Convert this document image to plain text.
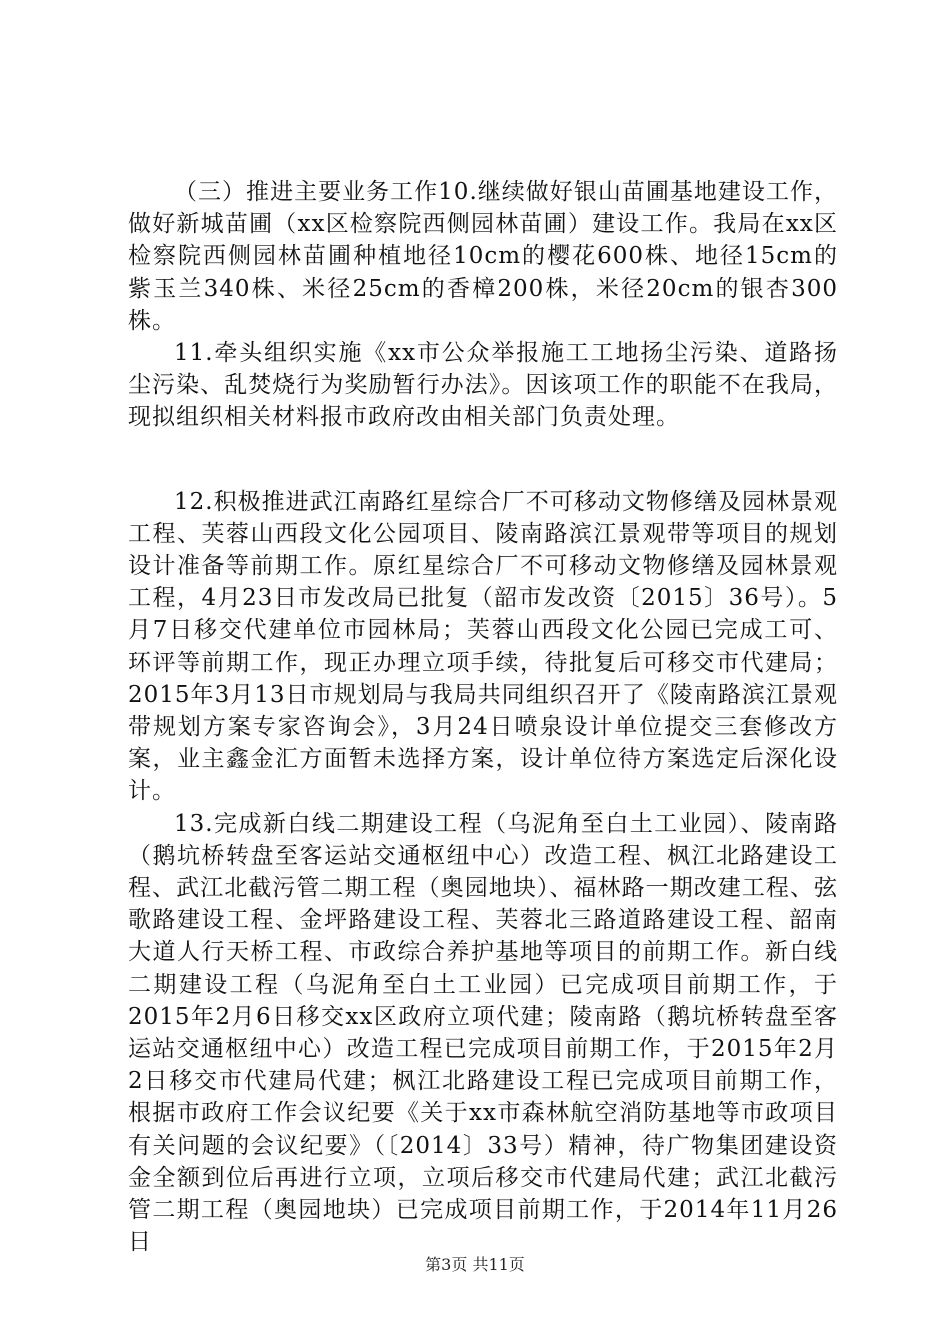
（三）推进主要业务工作10.继续做好银山苗圃基地建设工作，做好新城苗圃（xx区检察院西侧园林苗圃）建设工作。我局在xx区检察院西侧园林苗圃种植地径10cm的樱花600株、地径15cm的紫玉兰340株、米径25cm的香樟200株，米径20cm的银杏300株。

11.牵头组织实施《xx市公众举报施工工地扬尘污染、道路扬尘污染、乱焚烧行为奖励暂行办法》。因该项工作的职能不在我局，现拟组织相关材料报市政府改由相关部门负责处理。

12.积极推进武江南路红星综合厂不可移动文物修缮及园林景观工程、芙蓉山西段文化公园项目、陵南路滨江景观带等项目的规划设计准备等前期工作。原红星综合厂不可移动文物修缮及园林景观工程，4月23日市发改局已批复（韶市发改资〔2015〕36号）。5月7日移交代建单位市园林局；芙蓉山西段文化公园已完成工可、环评等前期工作，现正办理立项手续，待批复后可移交市代建局；2015年3月13日市规划局与我局共同组织召开了《陵南路滨江景观带规划方案专家咨询会》，3月24日喷泉设计单位提交三套修改方案，业主鑫金汇方面暂未选择方案，设计单位待方案选定后深化设计。

13.完成新白线二期建设工程（乌泥角至白土工业园）、陵南路（鹅坑桥转盘至客运站交通枢纽中心）改造工程、枫江北路建设工程、武江北截污管二期工程（奥园地块）、福林路一期改建工程、弦歌路建设工程、金坪路建设工程、芙蓉北三路道路建设工程、韶南大道人行天桥工程、市政综合养护基地等项目的前期工作。新白线二期建设工程（乌泥角至白土工业园）已完成项目前期工作，于2015年2月6日移交xx区政府立项代建；陵南路（鹅坑桥转盘至客运站交通枢纽中心）改造工程已完成项目前期工作，于2015年2月2日移交市代建局代建；枫江北路建设工程已完成项目前期工作，根据市政府工作会议纪要《关于xx市森林航空消防基地等市政项目有关问题的会议纪要》（〔2014〕33号）精神，待广物集团建设资金全额到位后再进行立项，立项后移交市代建局代建；武江北截污管二期工程（奥园地块）已完成项目前期工作，于2014年11月26日

第3页 共11页
